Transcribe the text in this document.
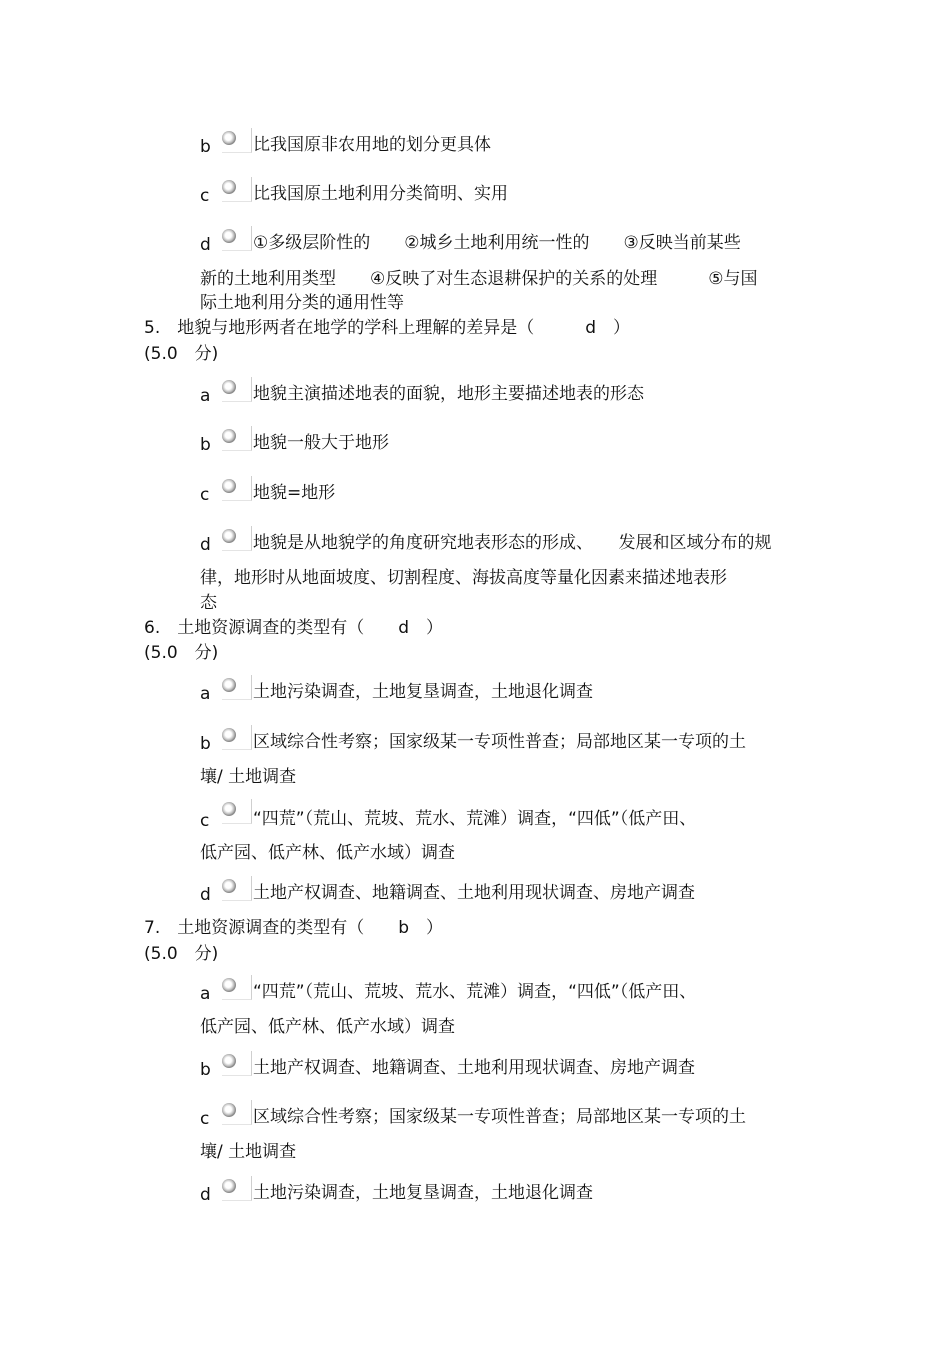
b 比我国原非农用地的划分更具体
c	比我国原土地利用分类简明、实用
d ①多级层阶性的　　②城乡土地利用统一性的　　③反映当前某些
新的土地利用类型　　④反映了对生态退耕保护的关系的处理　　　⑤与国
际土地利用分类的通用性等
5.　地貌与地形两者在地学的学科上理解的差异是（　　　d　）
(5.0　分)
a	地貌主演描述地表的面貌，地形主要描述地表的形态
b 地貌一般大于地形
c	地貌=地形
d 地貌是从地貌学的角度研究地表形态的形成、　　发展和区域分布的规
律，地形时从地面坡度、切割程度、海拔高度等量化因素来描述地表形
态
6.　土地资源调查的类型有（　　d　）
(5.0　分)
a	土地污染调查，土地复垦调查，土地退化调查
b 区域综合性考察；国家级某一专项性普查；局部地区某一专项的土
壤/ 土地调查
c	“四荒”（荒山、荒坡、荒水、荒滩）调查，“四低”（低产田、
低产园、低产林、低产水域）调查
d 土地产权调查、地籍调查、土地利用现状调查、房地产调查
7.　土地资源调查的类型有（　　b　）
(5.0　分)
a	“四荒”（荒山、荒坡、荒水、荒滩）调查，“四低”（低产田、
低产园、低产林、低产水域）调查
b 土地产权调查、地籍调查、土地利用现状调查、房地产调查
c	区域综合性考察；国家级某一专项性普查；局部地区某一专项的土
壤/ 土地调查
d 土地污染调查，土地复垦调查，土地退化调查
